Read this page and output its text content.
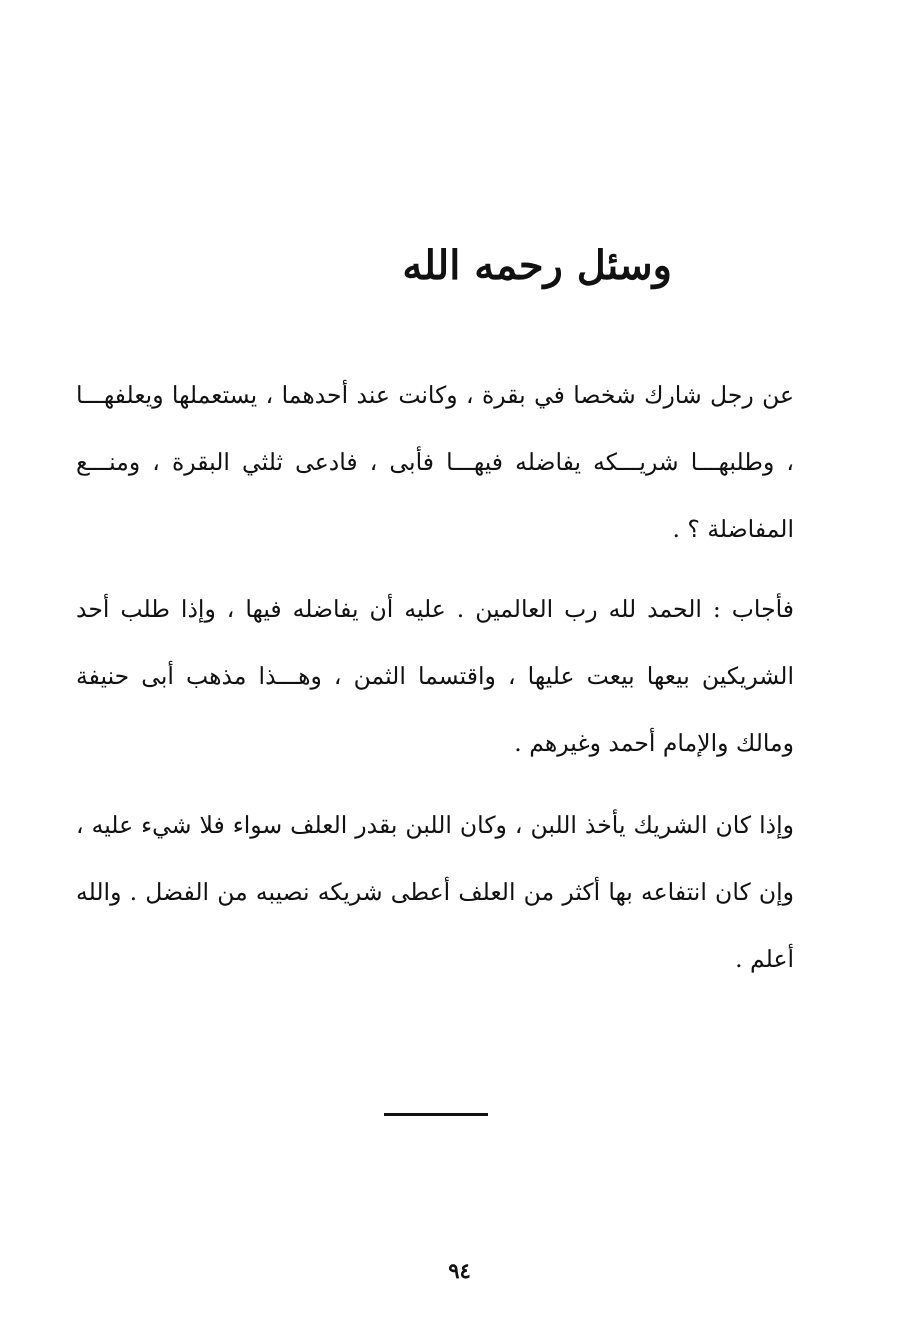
وسئل رحمه الله

عن رجل شارك شخصا في بقرة ، وكانت عند أحدهما ، يستعملها ويعلفهـــا ، وطلبهـــا شريـــكه يفاضله فيهـــا فأبى ، فادعى ثلثي البقرة ، ومنـــع المفاضلة ؟ .

فأجاب : الحمد لله رب العالمين . عليه أن يفاضله فيها ، وإذا طلب أحد الشريكين بيعها بيعت عليها ، واقتسما الثمن ، وهـــذا مذهب أبى حنيفة ومالك والإمام أحمد وغيرهم .

وإذا كان الشريك يأخذ اللبن ، وكان اللبن بقدر العلف سواء فلا شيء عليه ، وإن كان انتفاعه بها أكثر من العلف أعطى شريكه نصيبه من الفضل . والله أعلم .

٩٤
